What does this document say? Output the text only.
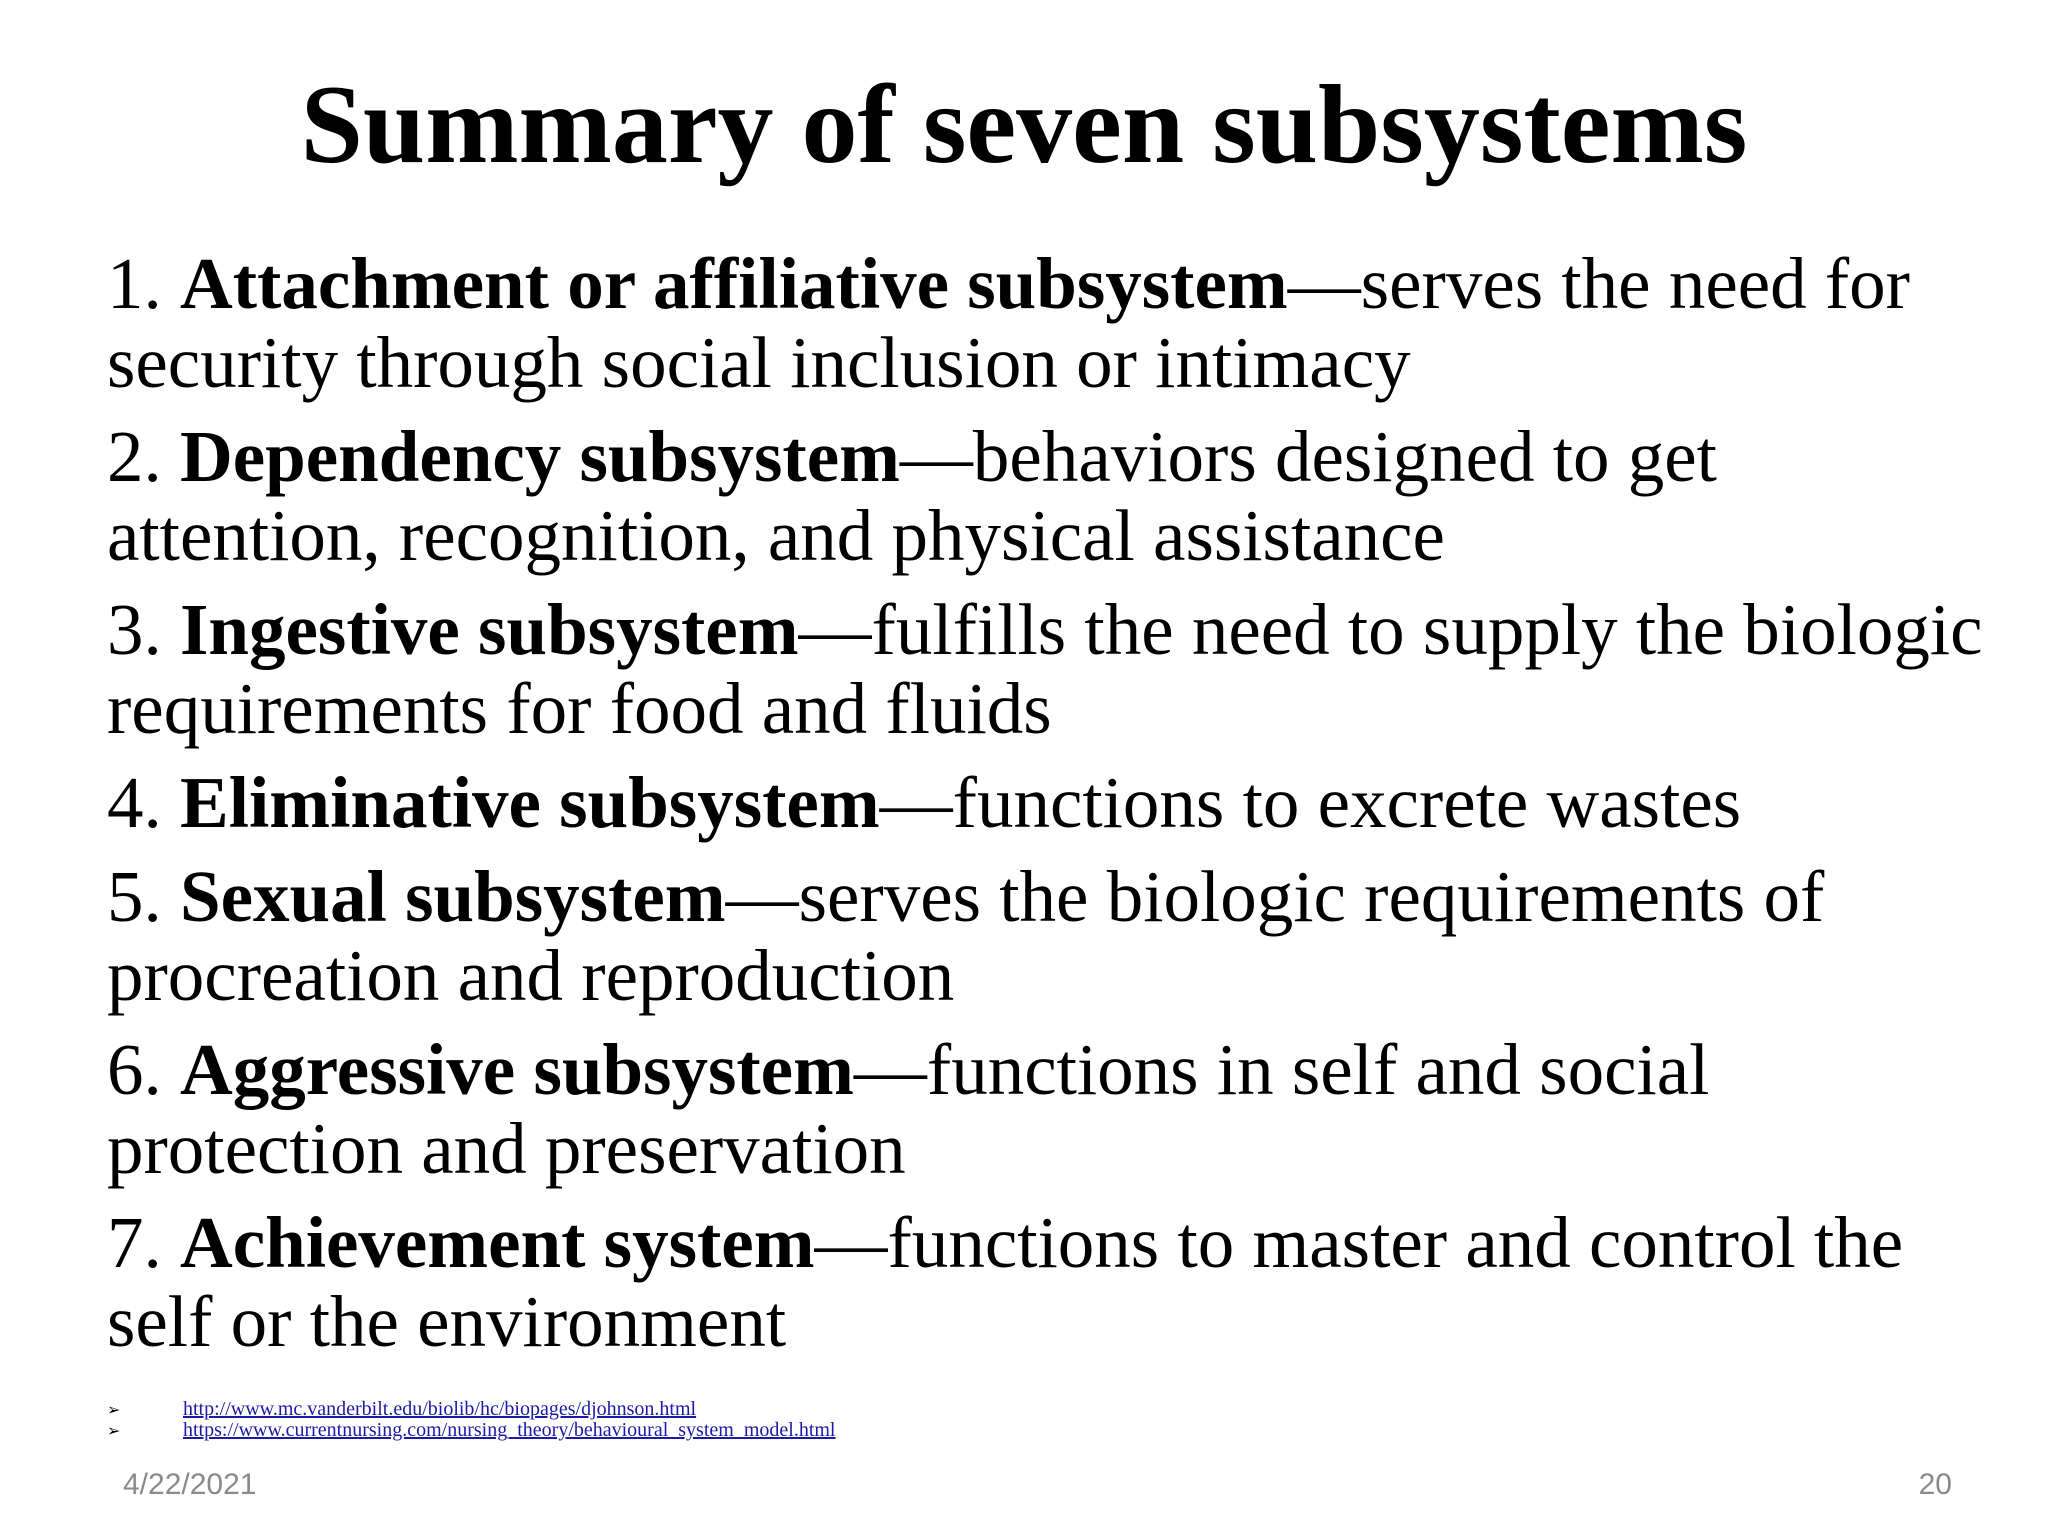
Summary of seven subsystems

1. Attachment or affiliative subsystem—serves the need for security through social inclusion or intimacy

2. Dependency subsystem—behaviors designed to get attention, recognition, and physical assistance

3. Ingestive subsystem—fulfills the need to supply the biologic requirements for food and fluids

4. Eliminative subsystem—functions to excrete wastes

5. Sexual subsystem—serves the biologic requirements of procreation and reproduction

6. Aggressive subsystem—functions in self and social protection and preservation

7. Achievement system—functions to master and control the self or the environment

➢	http://www.mc.vanderbilt.edu/biolib/hc/biopages/djohnson.html
➢	https://www.currentnursing.com/nursing_theory/behavioural_system_model.html
4/22/2021	20
